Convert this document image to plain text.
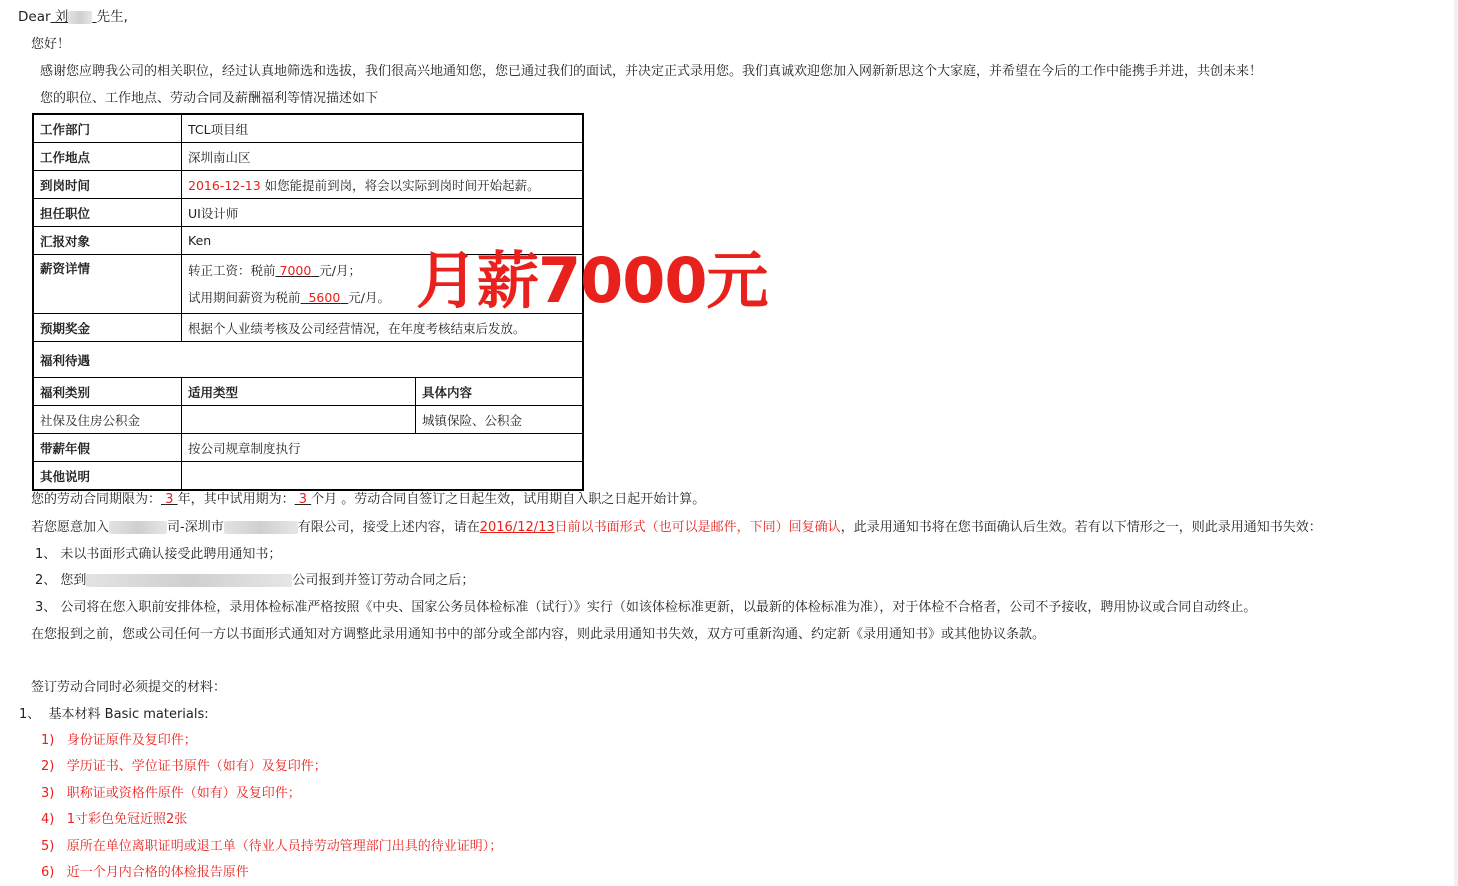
Dear 刘 先生,
您好！
感谢您应聘我公司的相关职位，经过认真地筛选和选拔，我们很高兴地通知您，您已通过我们的面试，并决定正式录用您。我们真诚欢迎您加入网新新思这个大家庭，并希望在今后的工作中能携手并进，共创未来！
您的职位、工作地点、劳动合同及薪酬福利等情况描述如下
工作部门	TCL项目组	
工作地点	深圳南山区	
到岗时间	2016-12-13 如您能提前到岗，将会以实际到岗时间开始起薪。	
担任职位	UI设计师	
汇报对象	Ken	
薪资详情	转正工资：税前 7000 元/月；
试用期间薪资为税前 5600 元/月。	

预期奖金	根据个人业绩考核及公司经营情况，在年度考核结束后发放。	
福利待遇		
福利类别	适用类型	具体内容
社保及住房公积金		城镇保险、公积金
带薪年假	按公司规章制度执行	
其他说明		
月薪7000元
您的劳动合同期限为： 3 年，其中试用期为： 3 个月 。劳动合同自签订之日起生效，试用期自入职之日起开始计算。
若您愿意加入	司-深圳市	有限公司，接受上述内容，请在2016/12/13日前以书面形式（也可以是邮件，下同）回复确认，此录用通知书将在您书面确认后生效。若有以下情形之一，则此录用通知书失效：
1、 未以书面形式确认接受此聘用通知书；
2、 您到	公司报到并签订劳动合同之后；
3、 公司将在您入职前安排体检，录用体检标准严格按照《中央、国家公务员体检标准（试行）》实行（如该体检标准更新，以最新的体检标准为准），对于体检不合格者，公司不予接收，聘用协议或合同自动终止。
在您报到之前，您或公司任何一方以书面形式通知对方调整此录用通知书中的部分或全部内容，则此录用通知书失效，双方可重新沟通、约定新《录用通知书》或其他协议条款。
签订劳动合同时必须提交的材料：
1、 基本材料 Basic materials:
1) 身份证原件及复印件；
2) 学历证书、学位证书原件（如有）及复印件；
3) 职称证或资格件原件（如有）及复印件；
4) 1寸彩色免冠近照2张
5) 原所在单位离职证明或退工单（待业人员持劳动管理部门出具的待业证明）；
6) 近一个月内合格的体检报告原件
